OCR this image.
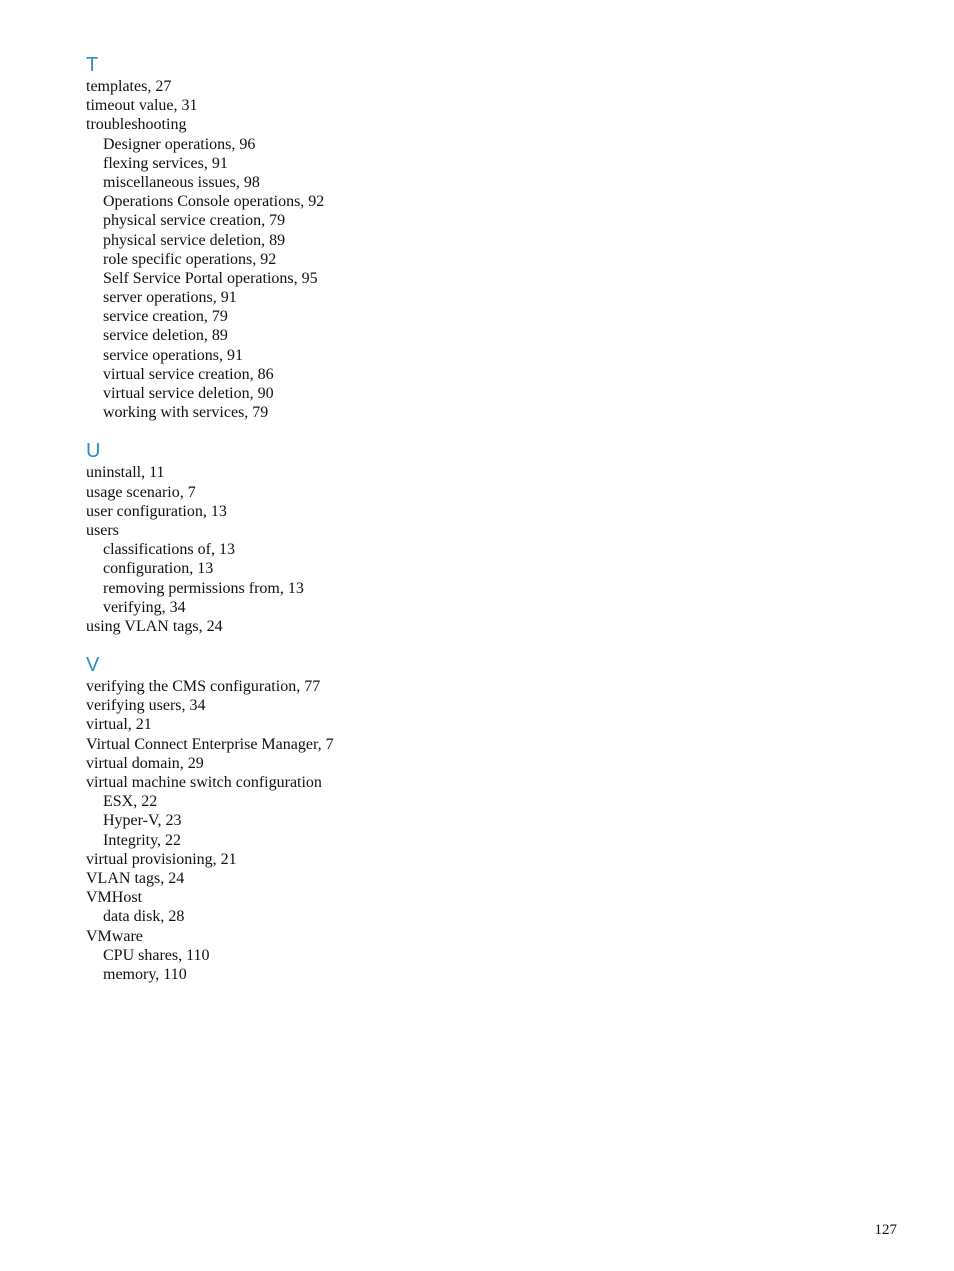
T
templates, 27
timeout value, 31
troubleshooting
Designer operations, 96
flexing services, 91
miscellaneous issues, 98
Operations Console operations, 92
physical service creation, 79
physical service deletion, 89
role specific operations, 92
Self Service Portal operations, 95
server operations, 91
service creation, 79
service deletion, 89
service operations, 91
virtual service creation, 86
virtual service deletion, 90
working with services, 79
U
uninstall, 11
usage scenario, 7
user configuration, 13
users
classifications of, 13
configuration, 13
removing permissions from, 13
verifying, 34
using VLAN tags, 24
V
verifying the CMS configuration, 77
verifying users, 34
virtual, 21
Virtual Connect Enterprise Manager, 7
virtual domain, 29
virtual machine switch configuration
ESX, 22
Hyper-V, 23
Integrity, 22
virtual provisioning, 21
VLAN tags, 24
VMHost
data disk, 28
VMware
CPU shares, 110
memory, 110
127
